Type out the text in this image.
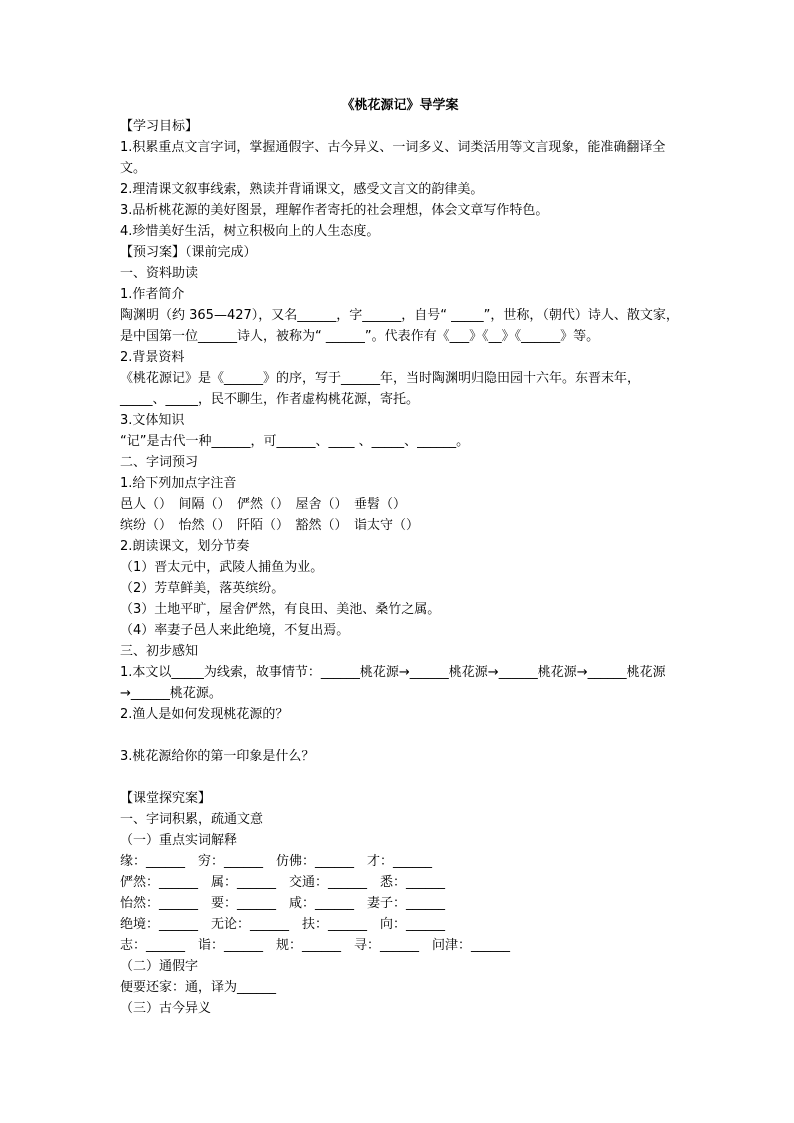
《桃花源记》导学案
【学习目标】
1.积累重点文言字词，掌握通假字、古今异义、一词多义、词类活用等文言现象，能准确翻译全文。
2.理清课文叙事线索，熟读并背诵课文，感受文言文的韵律美。
3.品析桃花源的美好图景，理解作者寄托的社会理想，体会文章写作特色。
4.珍惜美好生活，树立积极向上的人生态度。
【预习案】（课前完成）
一、资料助读
1.作者简介
陶渊明（约 365—427），又名______，字______，自号“ _____”，世称，（朝代）诗人、散文家，是中国第一位______诗人，被称为“ ______”。代表作有《___》《__》《______》等。
2.背景资料
《桃花源记》是《______》的序，写于______年，当时陶渊明归隐田园十六年。东晋末年，_____、_____，民不聊生，作者虚构桃花源，寄托。
3.文体知识
“记”是古代一种______，可______、____ 、_____、______。
二、字词预习
1.给下列加点字注音
邑人（）　间隔（）　俨然（）　屋舍（）　垂髫（）
缤纷（）　怡然（）　阡陌（）　豁然（）　诣太守（）
2.朗读课文，划分节奏
（1）晋太元中，武陵人捕鱼为业。
（2）芳草鲜美，落英缤纷。
（3）土地平旷，屋舍俨然，有良田、美池、桑竹之属。
（4）率妻子邑人来此绝境，不复出焉。
三、初步感知
1.本文以_____为线索，故事情节：______桃花源→______桃花源→______桃花源→______桃花源→______桃花源。
2.渔人是如何发现桃花源的？
3.桃花源给你的第一印象是什么？
【课堂探究案】
一、字词积累，疏通文意
（一）重点实词解释
缘：______　穷：______　仿佛：______　才：______
俨然：______　属：______　交通：______　悉：______
怡然：______　要：______　咸：______　妻子：______
绝境：______　无论：______　扶：______　向：______
志：______　诣：______　规：______　寻：______　问津：______
（二）通假字
便要还家：通，译为______
（三）古今异义
